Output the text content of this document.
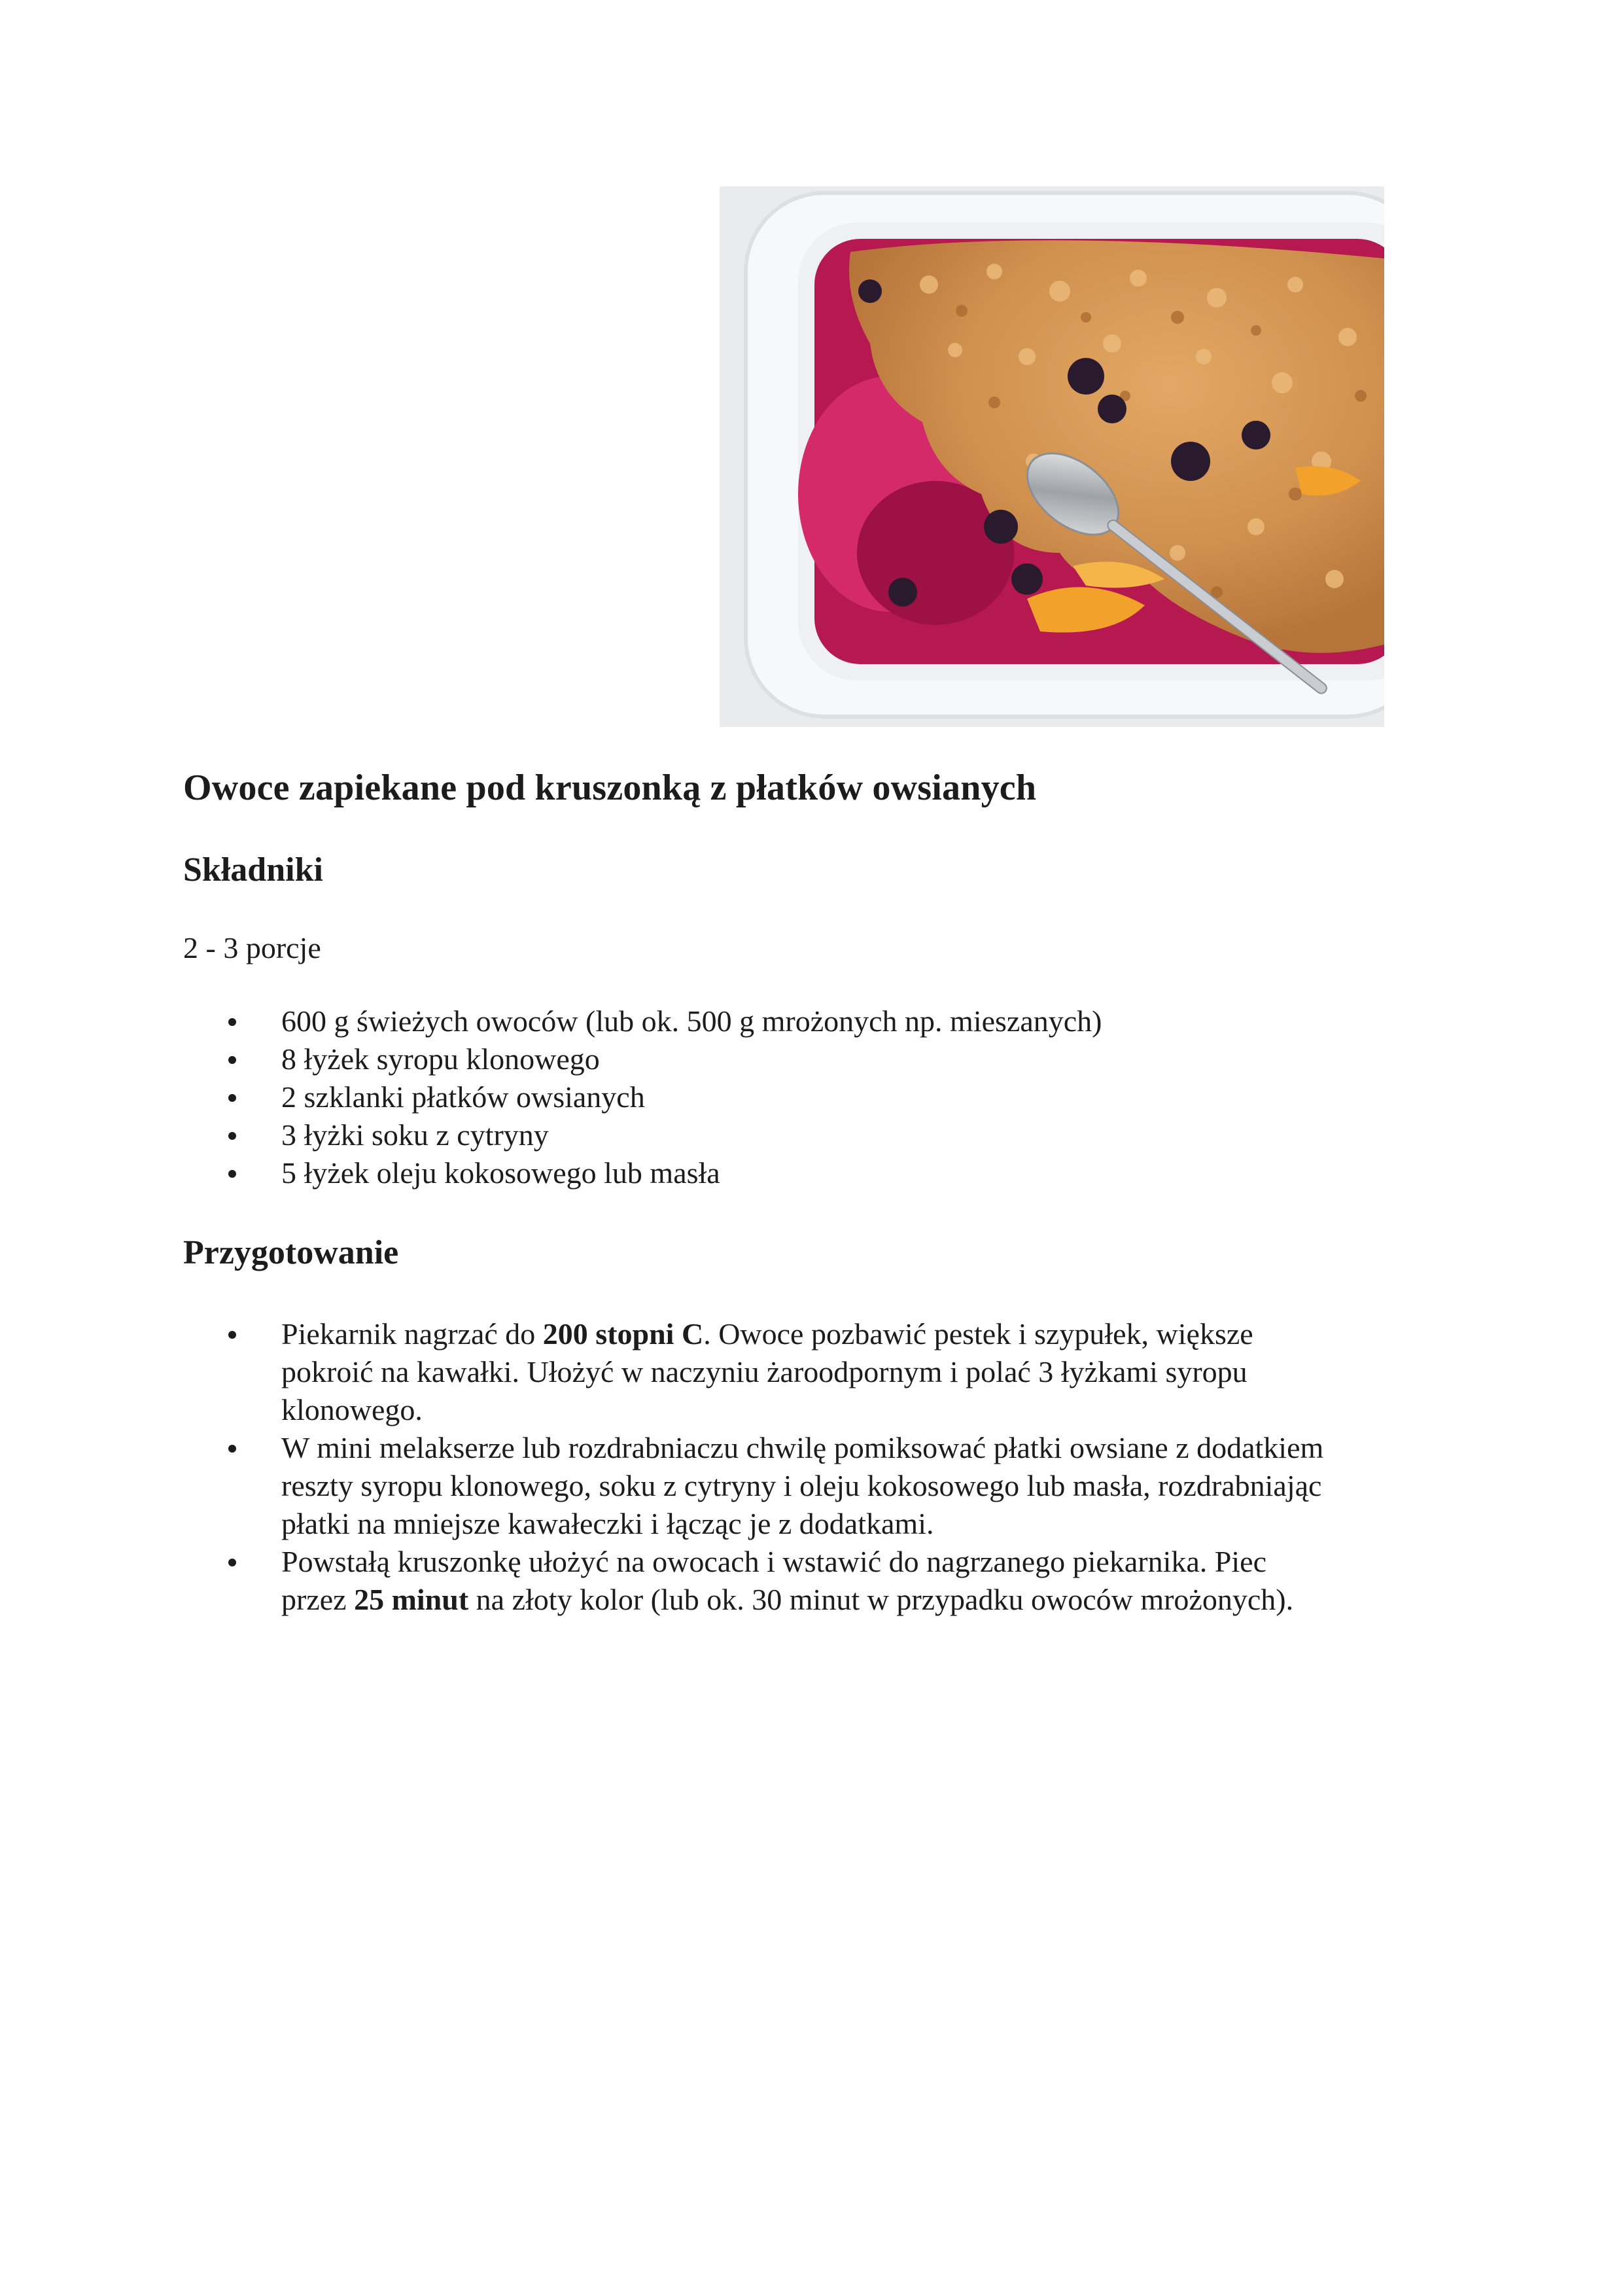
Owoce zapiekane pod kruszonką z płatków owsianych
Składniki

2 - 3 porcje

600 g świeżych owoców (lub ok. 500 g mrożonych np. mieszanych)
8 łyżek syropu klonowego
2 szklanki płatków owsianych
3 łyżki soku z cytryny
5 łyżek oleju kokosowego lub masła
Przygotowanie
Piekarnik nagrzać do 200 stopni C. Owoce pozbawić pestek i szypułek, większe
pokroić na kawałki. Ułożyć w naczyniu żaroodpornym i polać 3 łyżkami syropu
klonowego.
W mini melakserze lub rozdrabniaczu chwilę pomiksować płatki owsiane z dodatkiem
reszty syropu klonowego, soku z cytryny i oleju kokosowego lub masła, rozdrabniając
płatki na mniejsze kawałeczki i łącząc je z dodatkami.
Powstałą kruszonkę ułożyć na owocach i wstawić do nagrzanego piekarnika. Piec
przez 25 minut na złoty kolor (lub ok. 30 minut w przypadku owoców mrożonych).
